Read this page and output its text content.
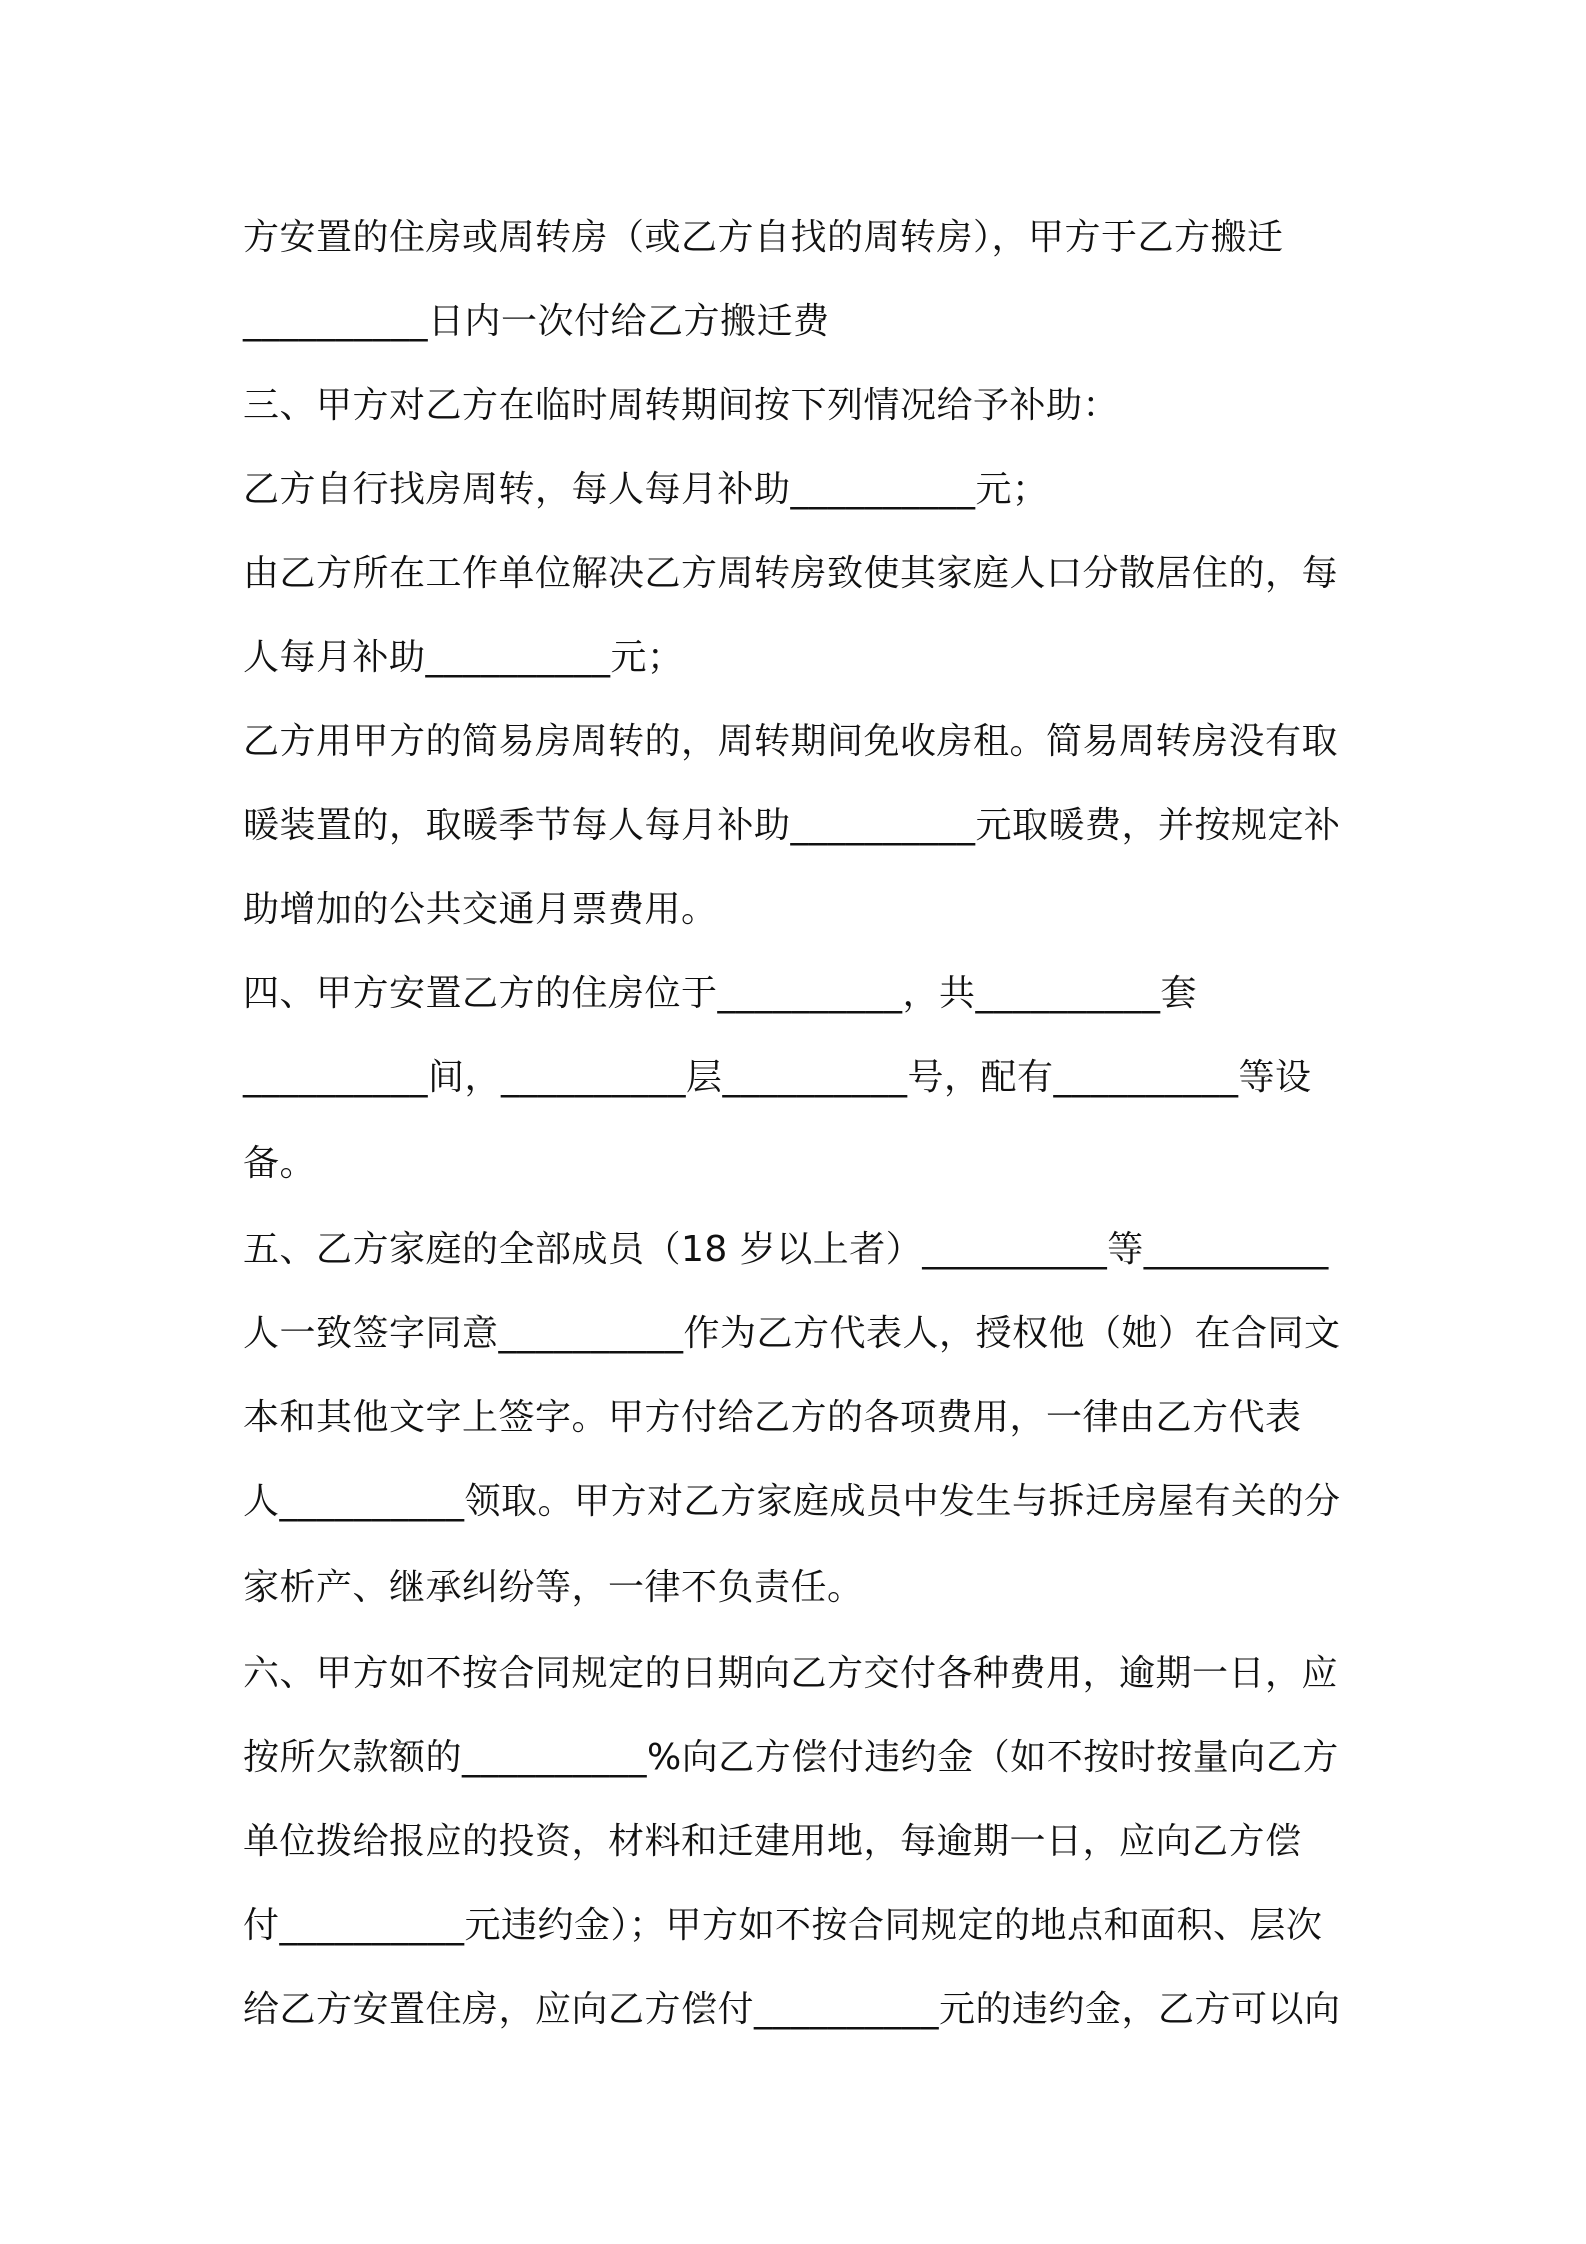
方安置的住房或周转房（或乙方自找的周转房），甲方于乙方搬迁
__________日内一次付给乙方搬迁费
三、甲方对乙方在临时周转期间按下列情况给予补助：
乙方自行找房周转，每人每月补助__________元；
由乙方所在工作单位解决乙方周转房致使其家庭人口分散居住的，每
人每月补助__________元；
乙方用甲方的简易房周转的，周转期间免收房租。简易周转房没有取
暖装置的，取暖季节每人每月补助__________元取暖费，并按规定补
助增加的公共交通月票费用。
四、甲方安置乙方的住房位于__________，共__________套
__________间，__________层__________号，配有__________等设
备。
五、乙方家庭的全部成员（18 岁以上者）__________等__________
人一致签字同意__________作为乙方代表人，授权他（她）在合同文
本和其他文字上签字。甲方付给乙方的各项费用，一律由乙方代表
人__________领取。甲方对乙方家庭成员中发生与拆迁房屋有关的分
家析产、继承纠纷等，一律不负责任。
六、甲方如不按合同规定的日期向乙方交付各种费用，逾期一日，应
按所欠款额的__________%向乙方偿付违约金（如不按时按量向乙方
单位拨给报应的投资，材料和迁建用地，每逾期一日，应向乙方偿
付__________元违约金）；甲方如不按合同规定的地点和面积、层次
给乙方安置住房，应向乙方偿付__________元的违约金，乙方可以向
